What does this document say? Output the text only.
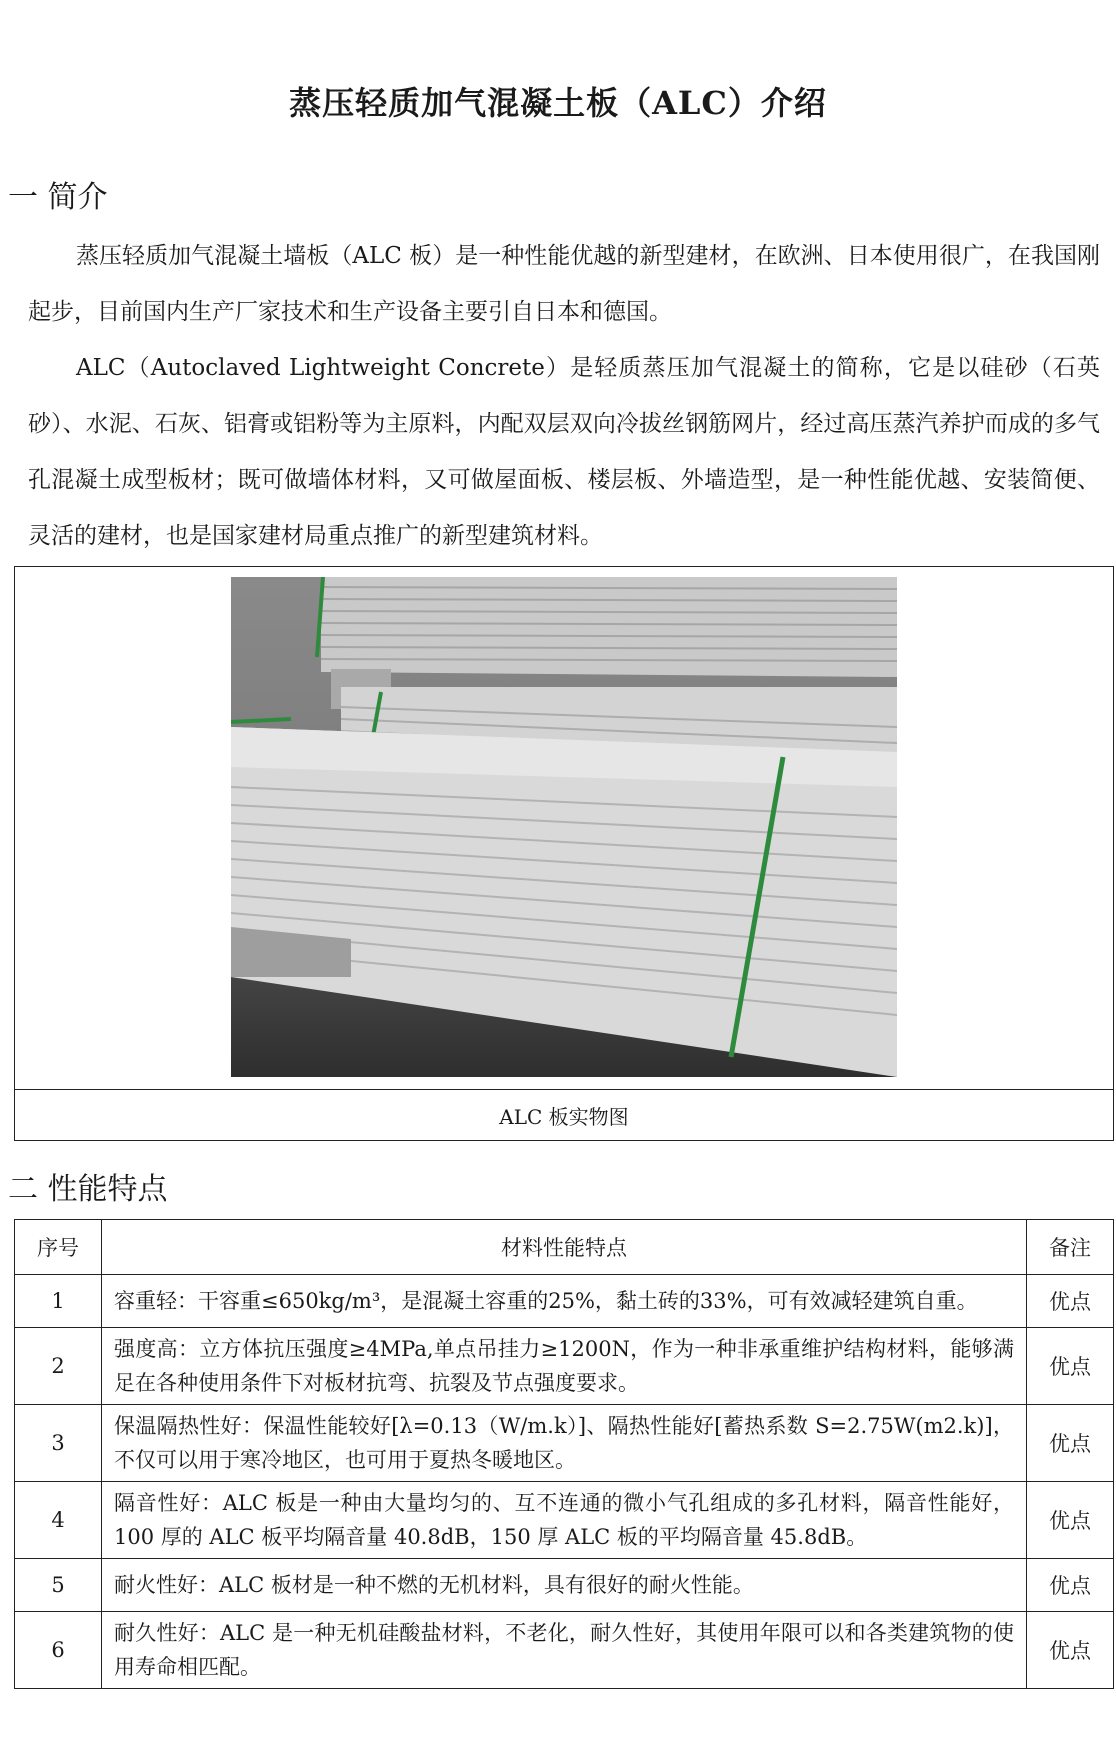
蒸压轻质加气混凝土板（ALC）介绍
一 简介

蒸压轻质加气混凝土墙板（ALC 板）是一种性能优越的新型建材，在欧洲、日本使用很广，在我国刚起步，目前国内生产厂家技术和生产设备主要引自日本和德国。

ALC（Autoclaved Lightweight Concrete）是轻质蒸压加气混凝土的简称，它是以硅砂（石英砂）、水泥、石灰、铝膏或铝粉等为主原料，内配双层双向冷拔丝钢筋网片，经过高压蒸汽养护而成的多气孔混凝土成型板材；既可做墙体材料，又可做屋面板、楼层板、外墙造型，是一种性能优越、安装简便、灵活的建材，也是国家建材局重点推广的新型建筑材料。

ALC 板实物图
二 性能特点
序号	材料性能特点	备注
1	容重轻：干容重≤650kg/m³，是混凝土容重的25%，黏土砖的33%，可有效减轻建筑自重。	优点
2	强度高：立方体抗压强度≥4MPa,单点吊挂力≥1200N，作为一种非承重维护结构材料，能够满足在各种使用条件下对板材抗弯、抗裂及节点强度要求。	优点
3	保温隔热性好：保温性能较好[λ=0.13（W/m.k）]、隔热性能好[蓄热系数 S=2.75W(m2.k)]，不仅可以用于寒冷地区，也可用于夏热冬暖地区。	优点
4	隔音性好：ALC 板是一种由大量均匀的、互不连通的微小气孔组成的多孔材料，隔音性能好，100 厚的 ALC 板平均隔音量 40.8dB，150 厚 ALC 板的平均隔音量 45.8dB。	优点
5	耐火性好：ALC 板材是一种不燃的无机材料，具有很好的耐火性能。	优点
6	耐久性好：ALC 是一种无机硅酸盐材料，不老化，耐久性好，其使用年限可以和各类建筑物的使用寿命相匹配。	优点
